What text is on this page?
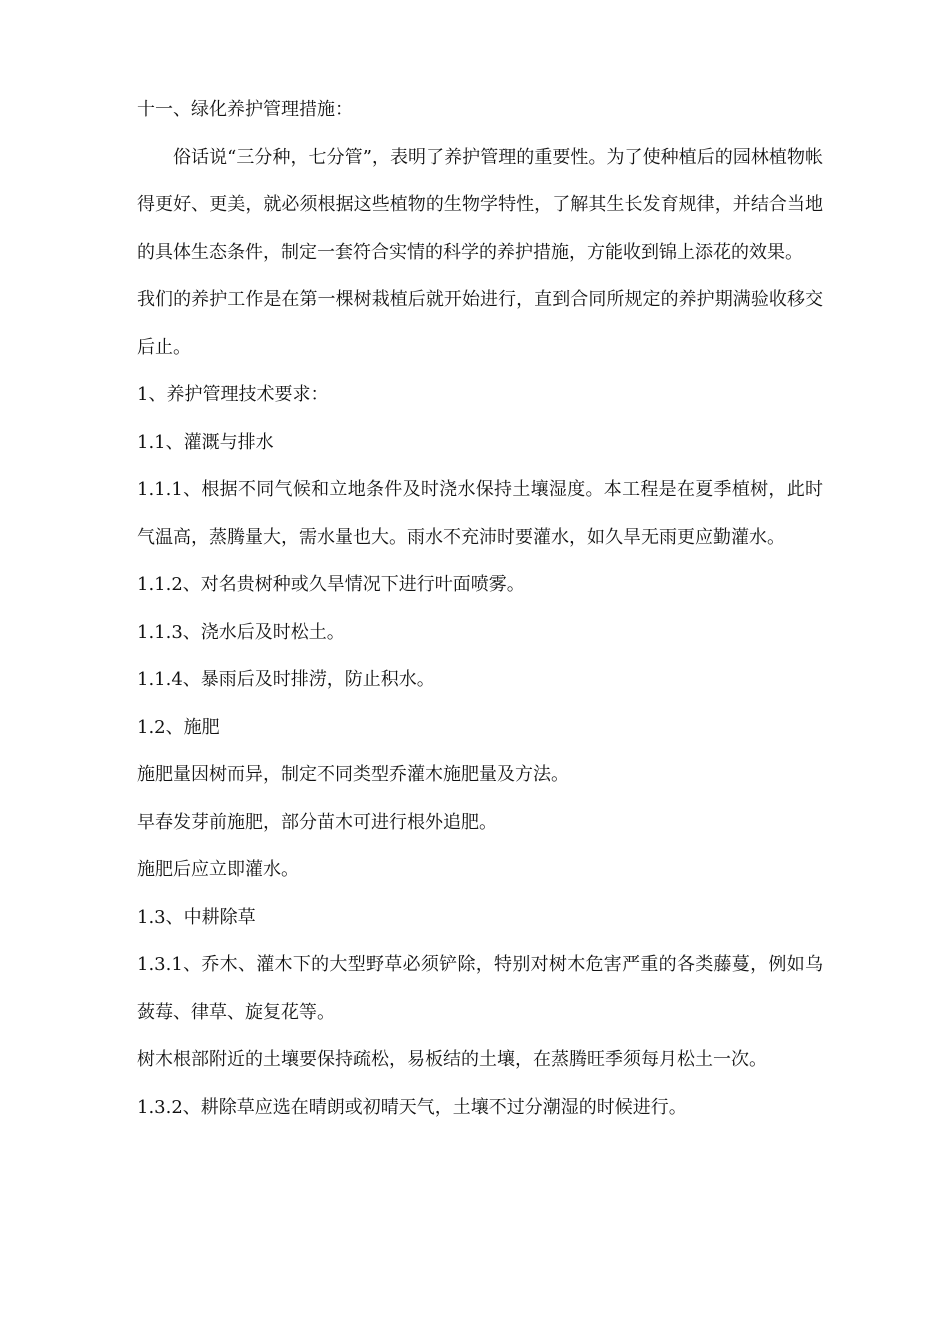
十一、绿化养护管理措施：

俗话说“三分种，七分管”，表明了养护管理的重要性。为了使种植后的园林植物帐得更好、更美，就必须根据这些植物的生物学特性，了解其生长发育规律，并结合当地的具体生态条件，制定一套符合实情的科学的养护措施，方能收到锦上添花的效果。

我们的养护工作是在第一棵树栽植后就开始进行，直到合同所规定的养护期满验收移交后止。

1、养护管理技术要求：

1.1、灌溉与排水

1.1.1、根据不同气候和立地条件及时浇水保持土壤湿度。本工程是在夏季植树，此时气温高，蒸腾量大，需水量也大。雨水不充沛时要灌水，如久旱无雨更应勤灌水。

1.1.2、对名贵树种或久旱情况下进行叶面喷雾。

1.1.3、浇水后及时松土。

1.1.4、暴雨后及时排涝，防止积水。

1.2、施肥

施肥量因树而异，制定不同类型乔灌木施肥量及方法。

早春发芽前施肥，部分苗木可进行根外追肥。

施肥后应立即灌水。

1.3、中耕除草

1.3.1、乔木、灌木下的大型野草必须铲除，特别对树木危害严重的各类藤蔓，例如乌蔹莓、律草、旋复花等。

树木根部附近的土壤要保持疏松，易板结的土壤，在蒸腾旺季须每月松土一次。

1.3.2、耕除草应选在晴朗或初晴天气，土壤不过分潮湿的时候进行。
